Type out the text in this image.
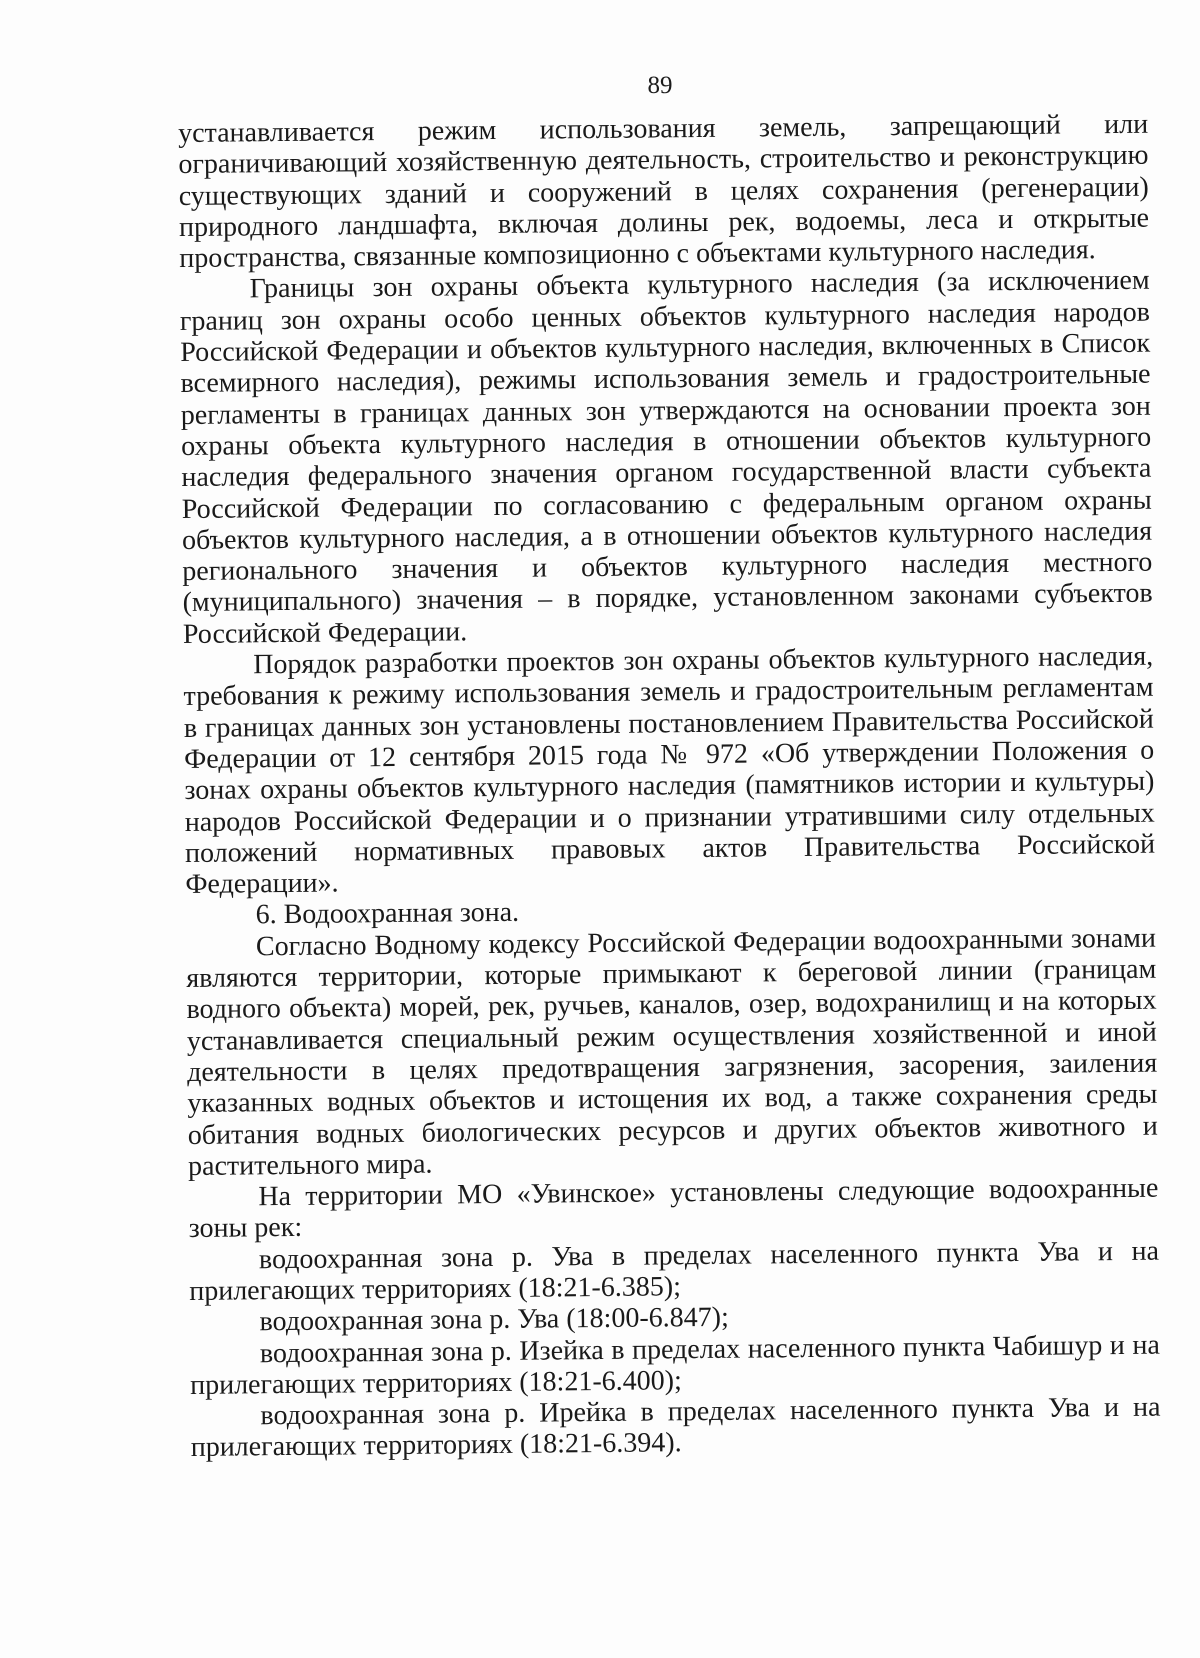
89

устанавливается режим использования земель, запрещающий или ограничивающий хозяйственную деятельность, строительство и реконструкцию существующих зданий и сооружений в целях сохранения (регенерации) природного ландшафта, включая долины рек, водоемы, леса и открытые пространства, связанные композиционно с объектами культурного наследия.

Границы зон охраны объекта культурного наследия (за исключением границ зон охраны особо ценных объектов культурного наследия народов Российской Федерации и объектов культурного наследия, включенных в Список всемирного наследия), режимы использования земель и градостроительные регламенты в границах данных зон утверждаются на основании проекта зон охраны объекта культурного наследия в отношении объектов культурного наследия федерального значения органом государственной власти субъекта Российской Федерации по согласованию с федеральным органом охраны объектов культурного наследия, а в отношении объектов культурного наследия регионального значения и объектов культурного наследия местного (муниципального) значения – в порядке, установленном законами субъектов Российской Федерации.

Порядок разработки проектов зон охраны объектов культурного наследия, требования к режиму использования земель и градостроительным регламентам в границах данных зон установлены постановлением Правительства Российской Федерации от 12 сентября 2015 года № 972 «Об утверждении Положения о зонах охраны объектов культурного наследия (памятников истории и культуры) народов Российской Федерации и о признании утратившими силу отдельных положений нормативных правовых актов Правительства Российской Федерации».

6. Водоохранная зона.

Согласно Водному кодексу Российской Федерации водоохранными зонами являются территории, которые примыкают к береговой линии (границам водного объекта) морей, рек, ручьев, каналов, озер, водохранилищ и на которых устанавливается специальный режим осуществления хозяйственной и иной деятельности в целях предотвращения загрязнения, засорения, заиления указанных водных объектов и истощения их вод, а также сохранения среды обитания водных биологических ресурсов и других объектов животного и растительного мира.

На территории МО «Увинское» установлены следующие водоохранные зоны рек:

водоохранная зона р. Ува в пределах населенного пункта Ува и на прилегающих территориях (18:21-6.385);

водоохранная зона р. Ува (18:00-6.847);

водоохранная зона р. Изейка в пределах населенного пункта Чабишур и на прилегающих территориях (18:21-6.400);

водоохранная зона р. Ирейка в пределах населенного пункта Ува и на прилегающих территориях (18:21-6.394).
